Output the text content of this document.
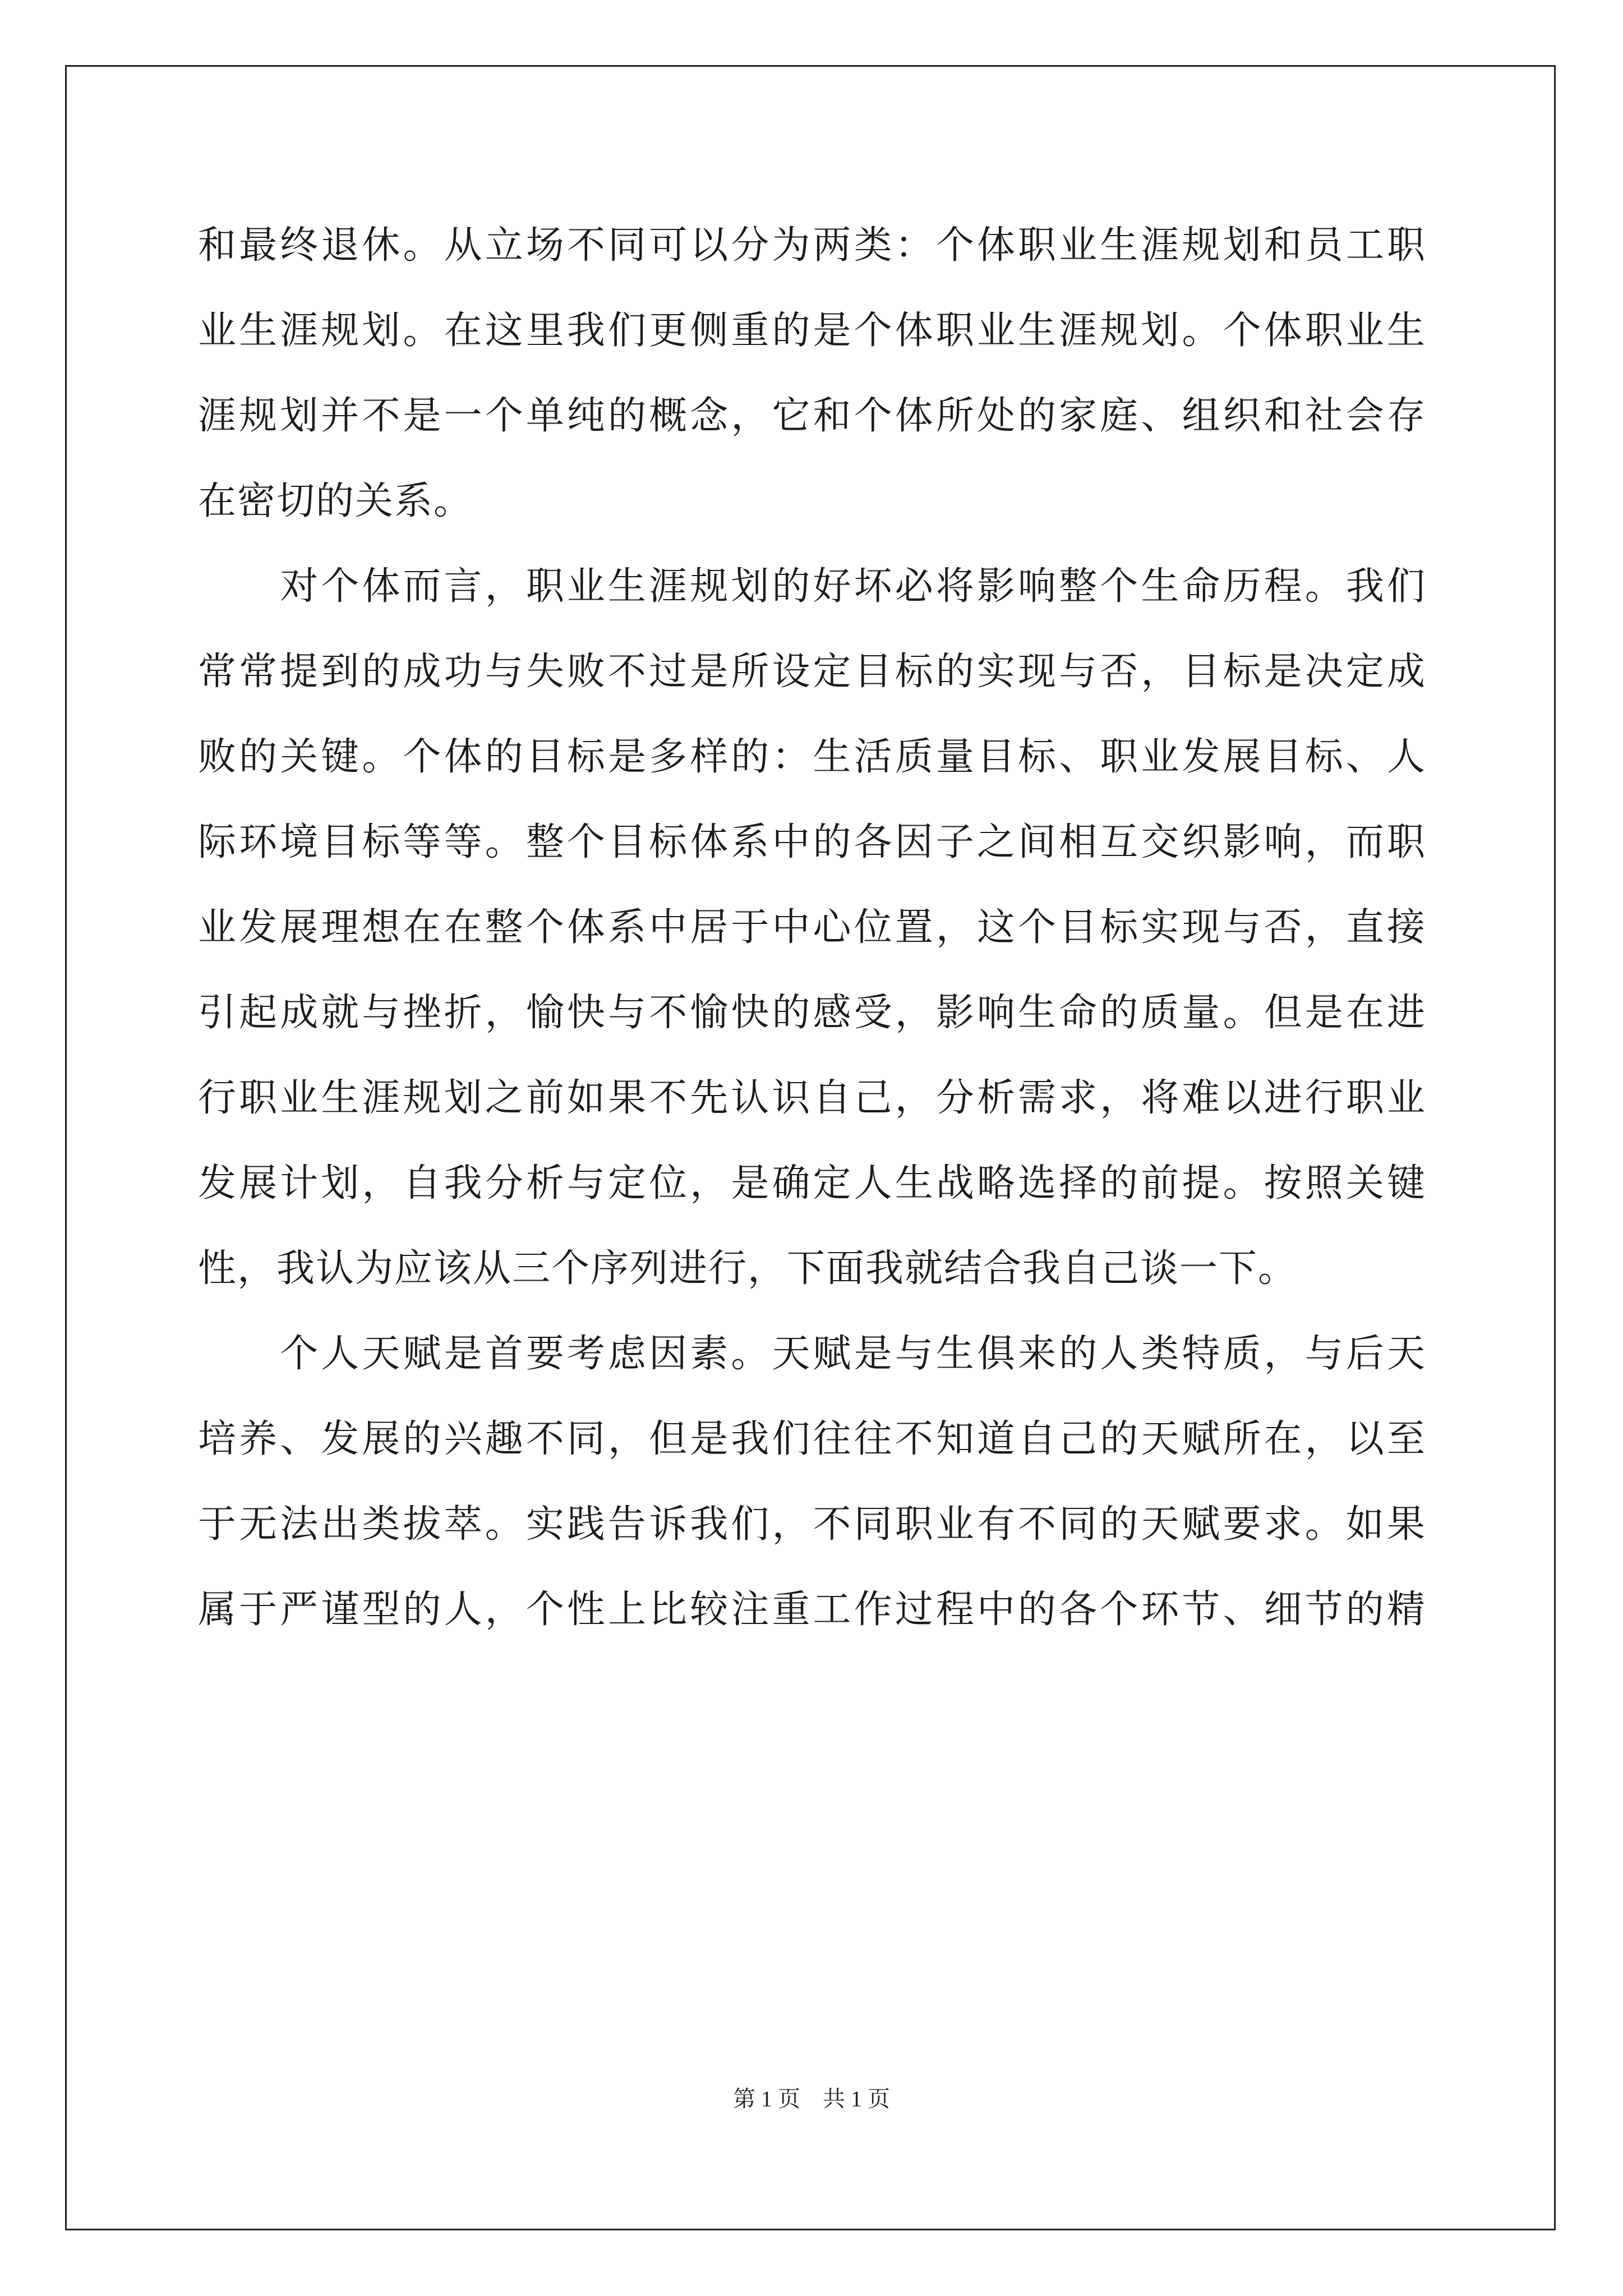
和最终退休。从立场不同可以分为两类：个体职业生涯规划和员工职
业生涯规划。在这里我们更侧重的是个体职业生涯规划。个体职业生
涯规划并不是一个单纯的概念，它和个体所处的家庭、组织和社会存
在密切的关系。
　　对个体而言，职业生涯规划的好坏必将影响整个生命历程。我们
常常提到的成功与失败不过是所设定目标的实现与否，目标是决定成
败的关键。个体的目标是多样的：生活质量目标、职业发展目标、人
际环境目标等等。整个目标体系中的各因子之间相互交织影响，而职
业发展理想在在整个体系中居于中心位置，这个目标实现与否，直接
引起成就与挫折，愉快与不愉快的感受，影响生命的质量。但是在进
行职业生涯规划之前如果不先认识自己，分析需求，将难以进行职业
发展计划，自我分析与定位，是确定人生战略选择的前提。按照关键
性，我认为应该从三个序列进行，下面我就结合我自己谈一下。
　　个人天赋是首要考虑因素。天赋是与生俱来的人类特质，与后天
培养、发展的兴趣不同，但是我们往往不知道自己的天赋所在，以至
于无法出类拔萃。实践告诉我们，不同职业有不同的天赋要求。如果
属于严谨型的人，个性上比较注重工作过程中的各个环节、细节的精
第 1 页 共 1 页
